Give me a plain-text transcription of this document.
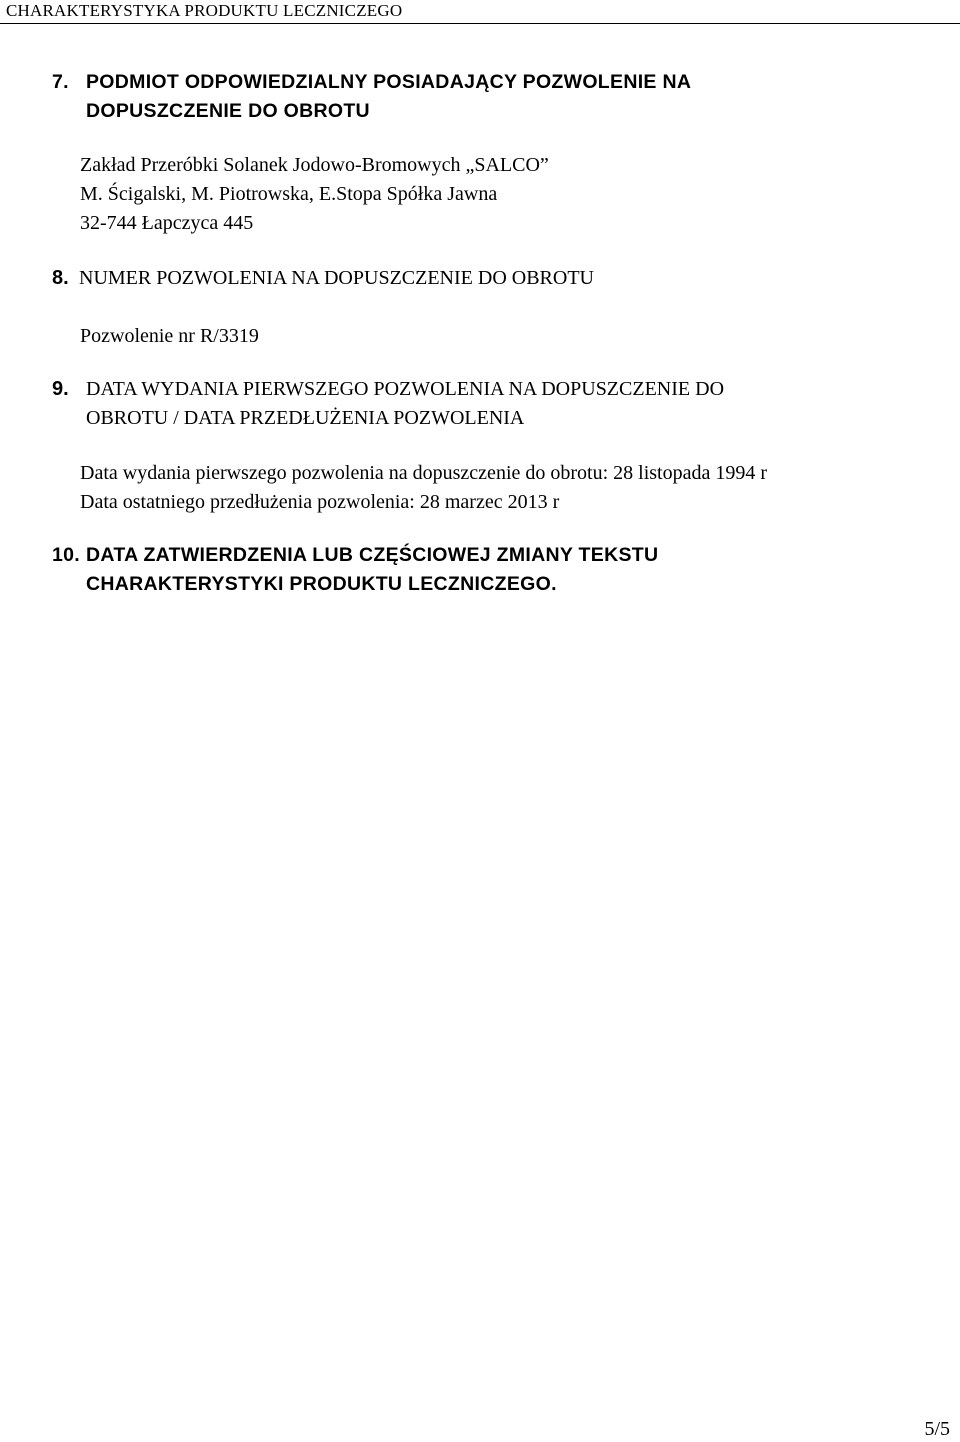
CHARAKTERYSTYKA PRODUKTU LECZNICZEGO
7. PODMIOT ODPOWIEDZIALNY POSIADAJĄCY POZWOLENIE NA
DOPUSZCZENIE DO OBROTU
Zakład Przeróbki Solanek Jodowo-Bromowych „SALCO”
M. Ścigalski, M. Piotrowska, E.Stopa Spółka Jawna
32-744 Łapczyca 445
8. NUMER POZWOLENIA NA DOPUSZCZENIE DO OBROTU
Pozwolenie nr R/3319
9. DATA WYDANIA PIERWSZEGO POZWOLENIA NA DOPUSZCZENIE DO
OBROTU / DATA PRZEDŁUŻENIA POZWOLENIA
Data wydania pierwszego pozwolenia na dopuszczenie do obrotu: 28 listopada 1994 r
Data ostatniego przedłużenia pozwolenia: 28 marzec 2013 r
10. DATA ZATWIERDZENIA LUB CZĘŚCIOWEJ ZMIANY TEKSTU
CHARAKTERYSTYKI PRODUKTU LECZNICZEGO.
5/5
